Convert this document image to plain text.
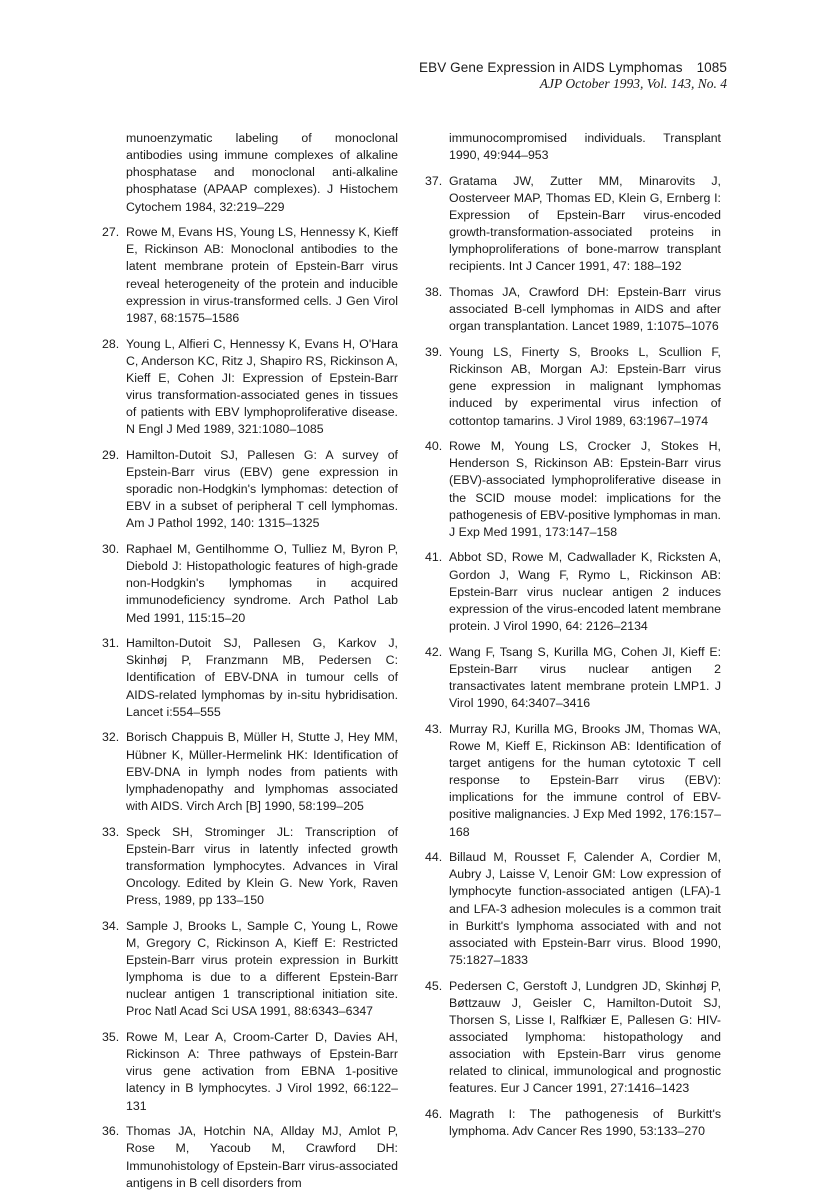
EBV Gene Expression in AIDS Lymphomas 1085
AJP October 1993, Vol. 143, No. 4
munoenzymatic labeling of monoclonal antibodies using immune complexes of alkaline phosphatase and monoclonal anti-alkaline phosphatase (APAAP complexes). J Histochem Cytochem 1984, 32:219–229
27. Rowe M, Evans HS, Young LS, Hennessy K, Kieff E, Rickinson AB: Monoclonal antibodies to the latent membrane protein of Epstein-Barr virus reveal heterogeneity of the protein and inducible expression in virus-transformed cells. J Gen Virol 1987, 68:1575–1586
28. Young L, Alfieri C, Hennessy K, Evans H, O'Hara C, Anderson KC, Ritz J, Shapiro RS, Rickinson A, Kieff E, Cohen JI: Expression of Epstein-Barr virus transformation-associated genes in tissues of patients with EBV lymphoproliferative disease. N Engl J Med 1989, 321:1080–1085
29. Hamilton-Dutoit SJ, Pallesen G: A survey of Epstein-Barr virus (EBV) gene expression in sporadic non-Hodgkin's lymphomas: detection of EBV in a subset of peripheral T cell lymphomas. Am J Pathol 1992, 140: 1315–1325
30. Raphael M, Gentilhomme O, Tulliez M, Byron P, Diebold J: Histopathologic features of high-grade non-Hodgkin's lymphomas in acquired immunodeficiency syndrome. Arch Pathol Lab Med 1991, 115:15–20
31. Hamilton-Dutoit SJ, Pallesen G, Karkov J, Skinhøj P, Franzmann MB, Pedersen C: Identification of EBV-DNA in tumour cells of AIDS-related lymphomas by in-situ hybridisation. Lancet i:554–555
32. Borisch Chappuis B, Müller H, Stutte J, Hey MM, Hübner K, Müller-Hermelink HK: Identification of EBV-DNA in lymph nodes from patients with lymphadenopathy and lymphomas associated with AIDS. Virch Arch [B] 1990, 58:199–205
33. Speck SH, Strominger JL: Transcription of Epstein-Barr virus in latently infected growth transformation lymphocytes. Advances in Viral Oncology. Edited by Klein G. New York, Raven Press, 1989, pp 133–150
34. Sample J, Brooks L, Sample C, Young L, Rowe M, Gregory C, Rickinson A, Kieff E: Restricted Epstein-Barr virus protein expression in Burkitt lymphoma is due to a different Epstein-Barr nuclear antigen 1 transcriptional initiation site. Proc Natl Acad Sci USA 1991, 88:6343–6347
35. Rowe M, Lear A, Croom-Carter D, Davies AH, Rickinson A: Three pathways of Epstein-Barr virus gene activation from EBNA 1-positive latency in B lymphocytes. J Virol 1992, 66:122–131
36. Thomas JA, Hotchin NA, Allday MJ, Amlot P, Rose M, Yacoub M, Crawford DH: Immunohistology of Epstein-Barr virus-associated antigens in B cell disorders from
immunocompromised individuals. Transplant 1990, 49:944–953
37. Gratama JW, Zutter MM, Minarovits J, Oosterveer MAP, Thomas ED, Klein G, Ernberg I: Expression of Epstein-Barr virus-encoded growth-transformation-associated proteins in lymphoproliferations of bone-marrow transplant recipients. Int J Cancer 1991, 47: 188–192
38. Thomas JA, Crawford DH: Epstein-Barr virus associated B-cell lymphomas in AIDS and after organ transplantation. Lancet 1989, 1:1075–1076
39. Young LS, Finerty S, Brooks L, Scullion F, Rickinson AB, Morgan AJ: Epstein-Barr virus gene expression in malignant lymphomas induced by experimental virus infection of cottontop tamarins. J Virol 1989, 63:1967–1974
40. Rowe M, Young LS, Crocker J, Stokes H, Henderson S, Rickinson AB: Epstein-Barr virus (EBV)-associated lymphoproliferative disease in the SCID mouse model: implications for the pathogenesis of EBV-positive lymphomas in man. J Exp Med 1991, 173:147–158
41. Abbot SD, Rowe M, Cadwallader K, Ricksten A, Gordon J, Wang F, Rymo L, Rickinson AB: Epstein-Barr virus nuclear antigen 2 induces expression of the virus-encoded latent membrane protein. J Virol 1990, 64: 2126–2134
42. Wang F, Tsang S, Kurilla MG, Cohen JI, Kieff E: Epstein-Barr virus nuclear antigen 2 transactivates latent membrane protein LMP1. J Virol 1990, 64:3407–3416
43. Murray RJ, Kurilla MG, Brooks JM, Thomas WA, Rowe M, Kieff E, Rickinson AB: Identification of target antigens for the human cytotoxic T cell response to Epstein-Barr virus (EBV): implications for the immune control of EBV-positive malignancies. J Exp Med 1992, 176:157–168
44. Billaud M, Rousset F, Calender A, Cordier M, Aubry J, Laisse V, Lenoir GM: Low expression of lymphocyte function-associated antigen (LFA)-1 and LFA-3 adhesion molecules is a common trait in Burkitt's lymphoma associated with and not associated with Epstein-Barr virus. Blood 1990, 75:1827–1833
45. Pedersen C, Gerstoft J, Lundgren JD, Skinhøj P, Bøttzauw J, Geisler C, Hamilton-Dutoit SJ, Thorsen S, Lisse I, Ralfkiær E, Pallesen G: HIV-associated lymphoma: histopathology and association with Epstein-Barr virus genome related to clinical, immunological and prognostic features. Eur J Cancer 1991, 27:1416–1423
46. Magrath I: The pathogenesis of Burkitt's lymphoma. Adv Cancer Res 1990, 53:133–270
